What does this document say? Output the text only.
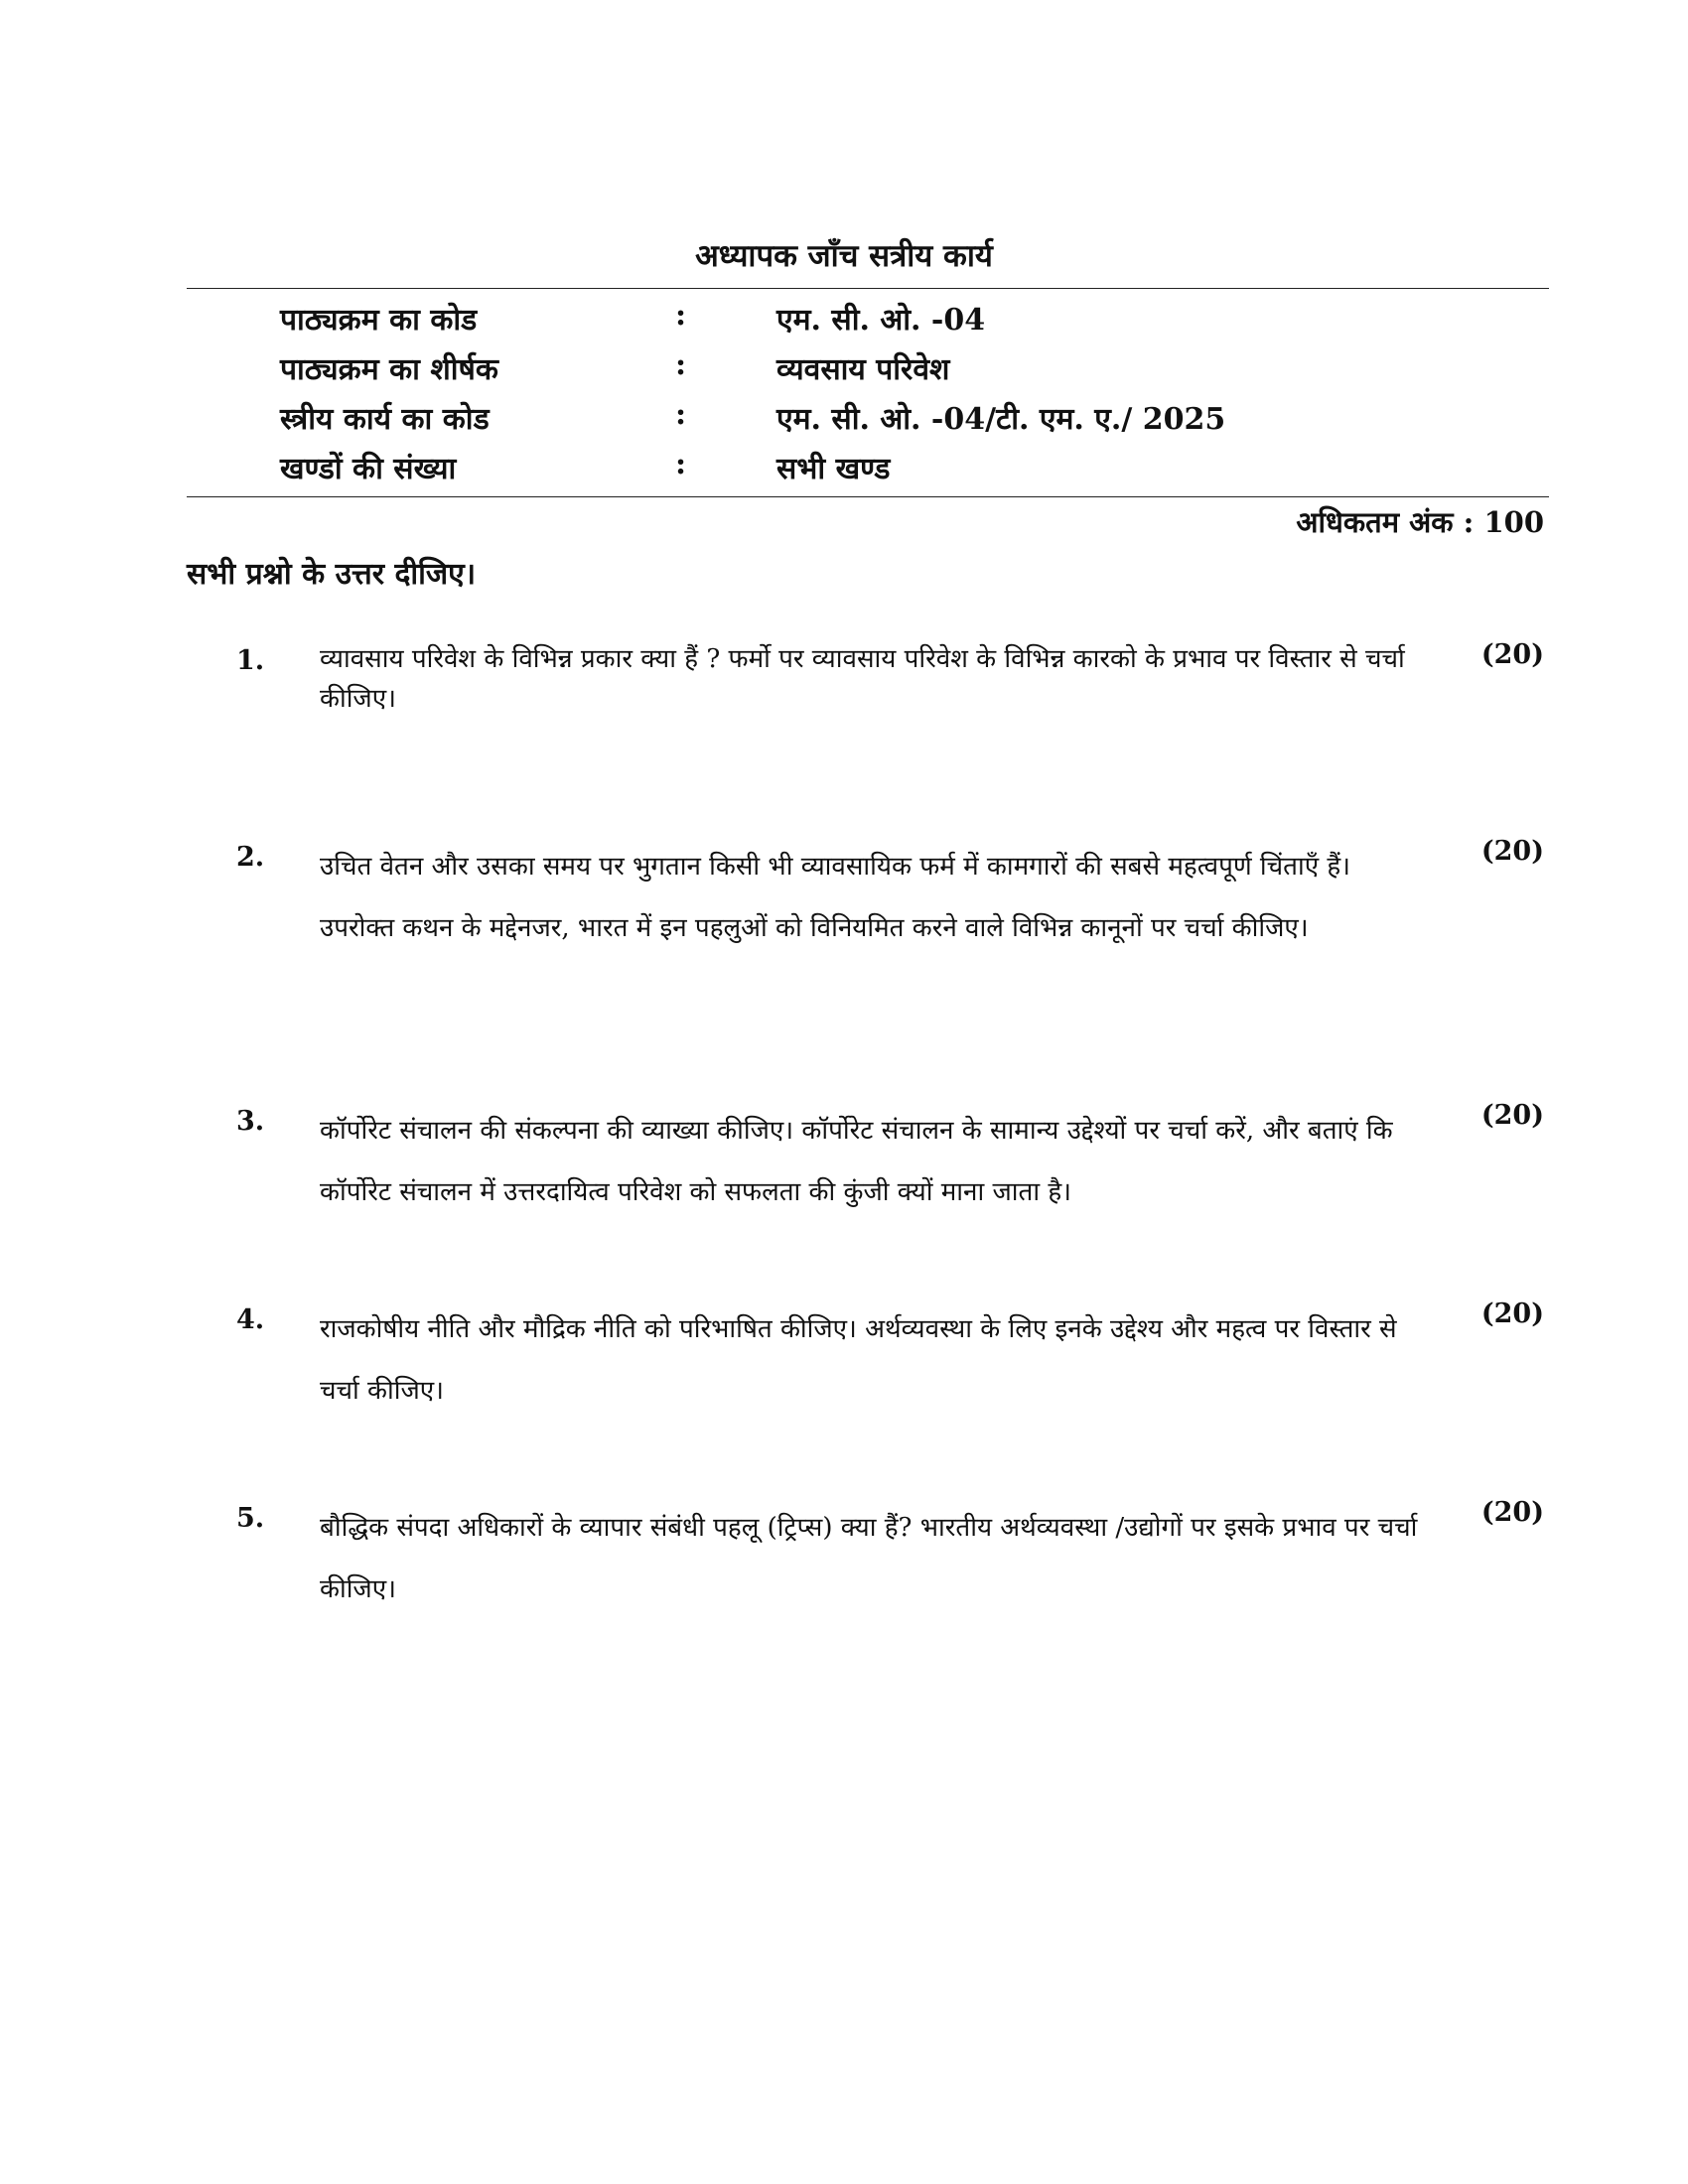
अध्यापक जाँच सत्रीय कार्य
पाठ्यक्रम का कोड	:	एम. सी. ओ. -04
पाठ्यक्रम का शीर्षक	:	व्यवसाय परिवेश
स्त्रीय कार्य का कोड	:	एम. सी. ओ. -04/टी. एम. ए./ 2025
खण्डों की संख्या	:	सभी खण्ड
अधिकतम अंक : 100
सभी प्रश्नो के उत्तर दीजिए।
1.	व्यावसाय परिवेश के विभिन्न प्रकार क्या हैं ? फर्मो पर व्यावसाय परिवेश के विभिन्न कारको के प्रभाव पर विस्तार से चर्चा कीजिए।
(20)
2.	उचित वेतन और उसका समय पर भुगतान किसी भी व्यावसायिक फर्म में कामगारों की सबसे महत्वपूर्ण चिंताएँ हैं। उपरोक्त कथन के मद्देनजर, भारत में इन पहलुओं को विनियमित करने वाले विभिन्न कानूनों पर चर्चा कीजिए।
(20)
3.	कॉर्पोरेट संचालन की संकल्पना की व्याख्या कीजिए। कॉर्पोरेट संचालन के सामान्य उद्देश्यों पर चर्चा करें, और बताएं कि कॉर्पोरेट संचालन में उत्तरदायित्व परिवेश को सफलता की कुंजी क्यों माना जाता है।
(20)
4.	राजकोषीय नीति और मौद्रिक नीति को परिभाषित कीजिए। अर्थव्यवस्था के लिए इनके उद्देश्य और महत्व पर विस्तार से चर्चा कीजिए।
(20)
5.	बौद्धिक संपदा अधिकारों के व्यापार संबंधी पहलू (ट्रिप्स) क्या हैं? भारतीय अर्थव्यवस्था /उद्योगों पर इसके प्रभाव पर चर्चा कीजिए।
(20)
